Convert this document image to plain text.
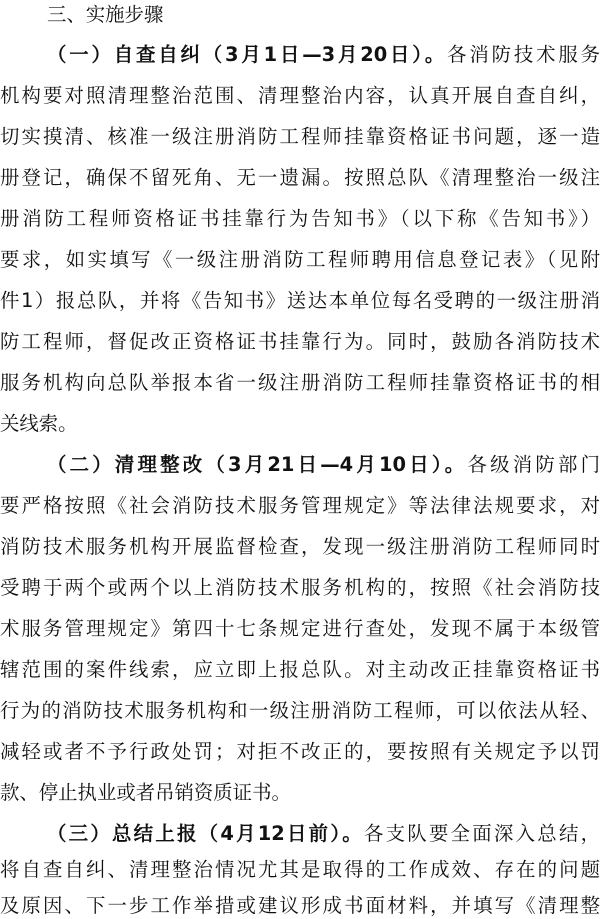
三、实施步骤
（一）自查自纠（3月1日—3月20日）。各消防技术服务
机构要对照清理整治范围、清理整治内容，认真开展自查自纠，
切实摸清、核准一级注册消防工程师挂靠资格证书问题，逐一造
册登记，确保不留死角、无一遗漏。按照总队《清理整治一级注
册消防工程师资格证书挂靠行为告知书》（以下称《告知书》）
要求，如实填写《一级注册消防工程师聘用信息登记表》（见附
件1）报总队，并将《告知书》送达本单位每名受聘的一级注册消
防工程师，督促改正资格证书挂靠行为。同时，鼓励各消防技术
服务机构向总队举报本省一级注册消防工程师挂靠资格证书的相
关线索。
（二）清理整改（3月21日—4月10日）。各级消防部门
要严格按照《社会消防技术服务管理规定》等法律法规要求，对
消防技术服务机构开展监督检查，发现一级注册消防工程师同时
受聘于两个或两个以上消防技术服务机构的，按照《社会消防技
术服务管理规定》第四十七条规定进行查处，发现不属于本级管
辖范围的案件线索，应立即上报总队。对主动改正挂靠资格证书
行为的消防技术服务机构和一级注册消防工程师，可以依法从轻、
减轻或者不予行政处罚；对拒不改正的，要按照有关规定予以罚
款、停止执业或者吊销资质证书。
（三）总结上报（4月12日前）。各支队要全面深入总结，
将自查自纠、清理整治情况尤其是取得的工作成效、存在的问题
及原因、下一步工作举措或建议形成书面材料，并填写《清理整
